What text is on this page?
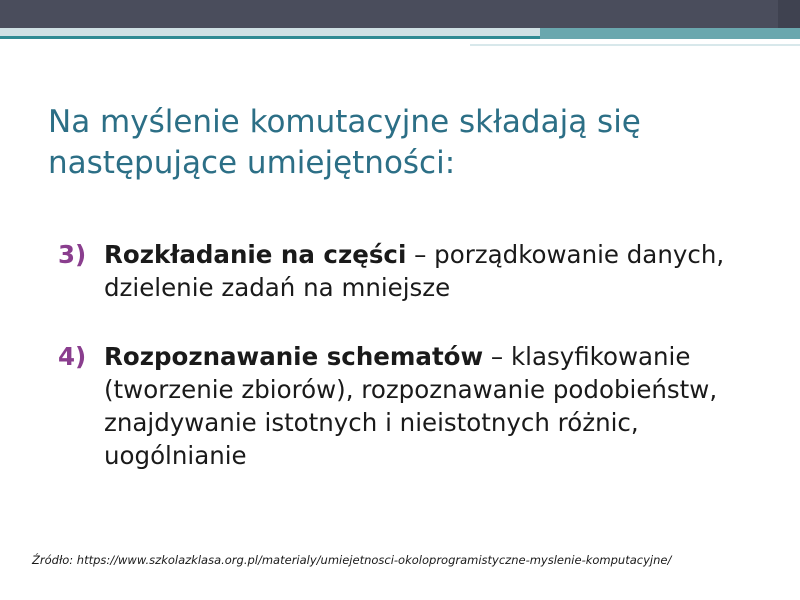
Na myślenie komutacyjne składają się
następujące umiejętności:
3) Rozkładanie na części – porządkowanie danych, dzielenie zadań na mniejsze
4) Rozpoznawanie schematów – klasyfikowanie (tworzenie zbiorów), rozpoznawanie podobieństw, znajdywanie istotnych i nieistotnych różnic, uogólnianie
Źródło: https://www.szkolazklasa.org.pl/materialy/umiejetnosci-okoloprogramistyczne-myslenie-komputacyjne/
